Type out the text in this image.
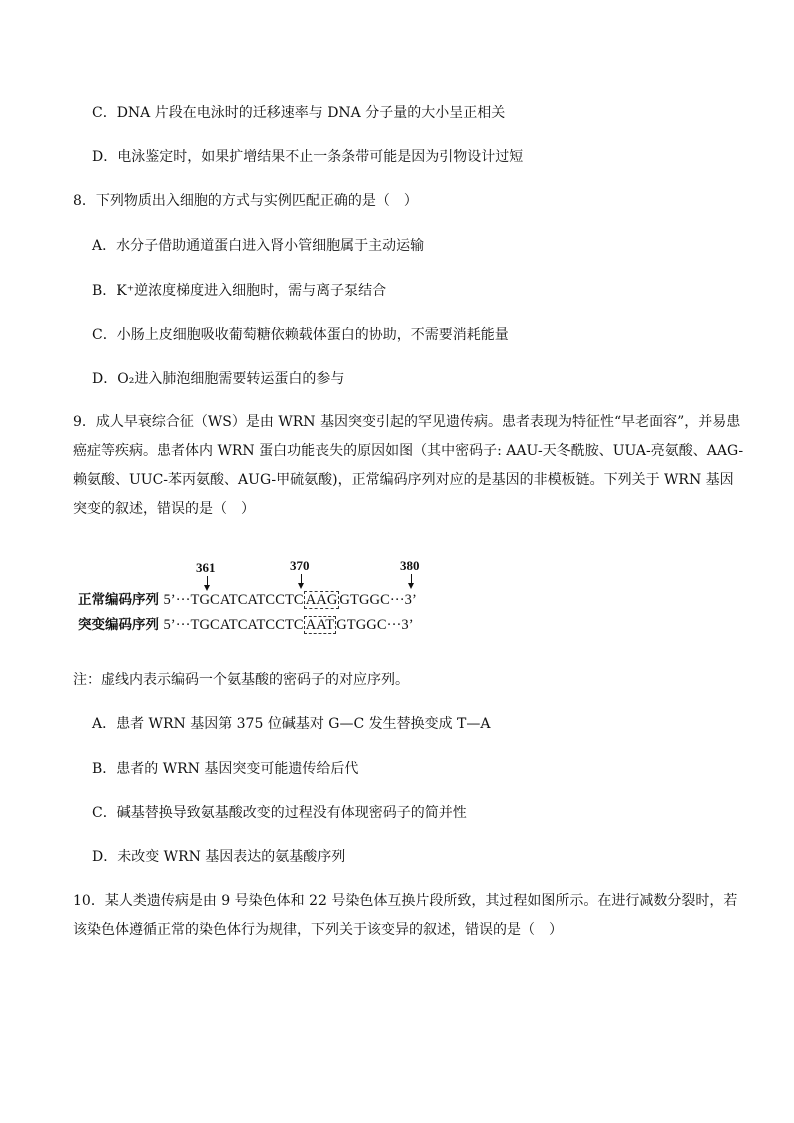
C．DNA 片段在电泳时的迁移速率与 DNA 分子量的大小呈正相关
D．电泳鉴定时，如果扩增结果不止一条条带可能是因为引物设计过短
8．下列物质出入细胞的方式与实例匹配正确的是（　）
A．水分子借助通道蛋白进入肾小管细胞属于主动运输
B．K⁺逆浓度梯度进入细胞时，需与离子泵结合
C．小肠上皮细胞吸收葡萄糖依赖载体蛋白的协助，不需要消耗能量
D．O₂进入肺泡细胞需要转运蛋白的参与
9．成人早衰综合征（WS）是由 WRN 基因突变引起的罕见遗传病。患者表现为特征性“早老面容”，并易患
癌症等疾病。患者体内 WRN 蛋白功能丧失的原因如图（其中密码子: AAU-天冬酰胺、UUA-亮氨酸、AAG-
赖氨酸、UUC-苯丙氨酸、AUG-甲硫氨酸)，正常编码序列对应的是基因的非模板链。下列关于 WRN 基因
突变的叙述，错误的是（　）
361	370	380
正常编码序列 5’···TGCATCATCCTC AAG GTGGC···3’
突变编码序列 5’···TGCATCATCCTC AAT GTGGC···3’
注：虚线内表示编码一个氨基酸的密码子的对应序列。
A．患者 WRN 基因第 375 位碱基对 G—C 发生替换变成 T—A
B．患者的 WRN 基因突变可能遗传给后代
C．碱基替换导致氨基酸改变的过程没有体现密码子的简并性
D．未改变 WRN 基因表达的氨基酸序列
10．某人类遗传病是由 9 号染色体和 22 号染色体互换片段所致，其过程如图所示。在进行减数分裂时，若
该染色体遵循正常的染色体行为规律，下列关于该变异的叙述，错误的是（　）
